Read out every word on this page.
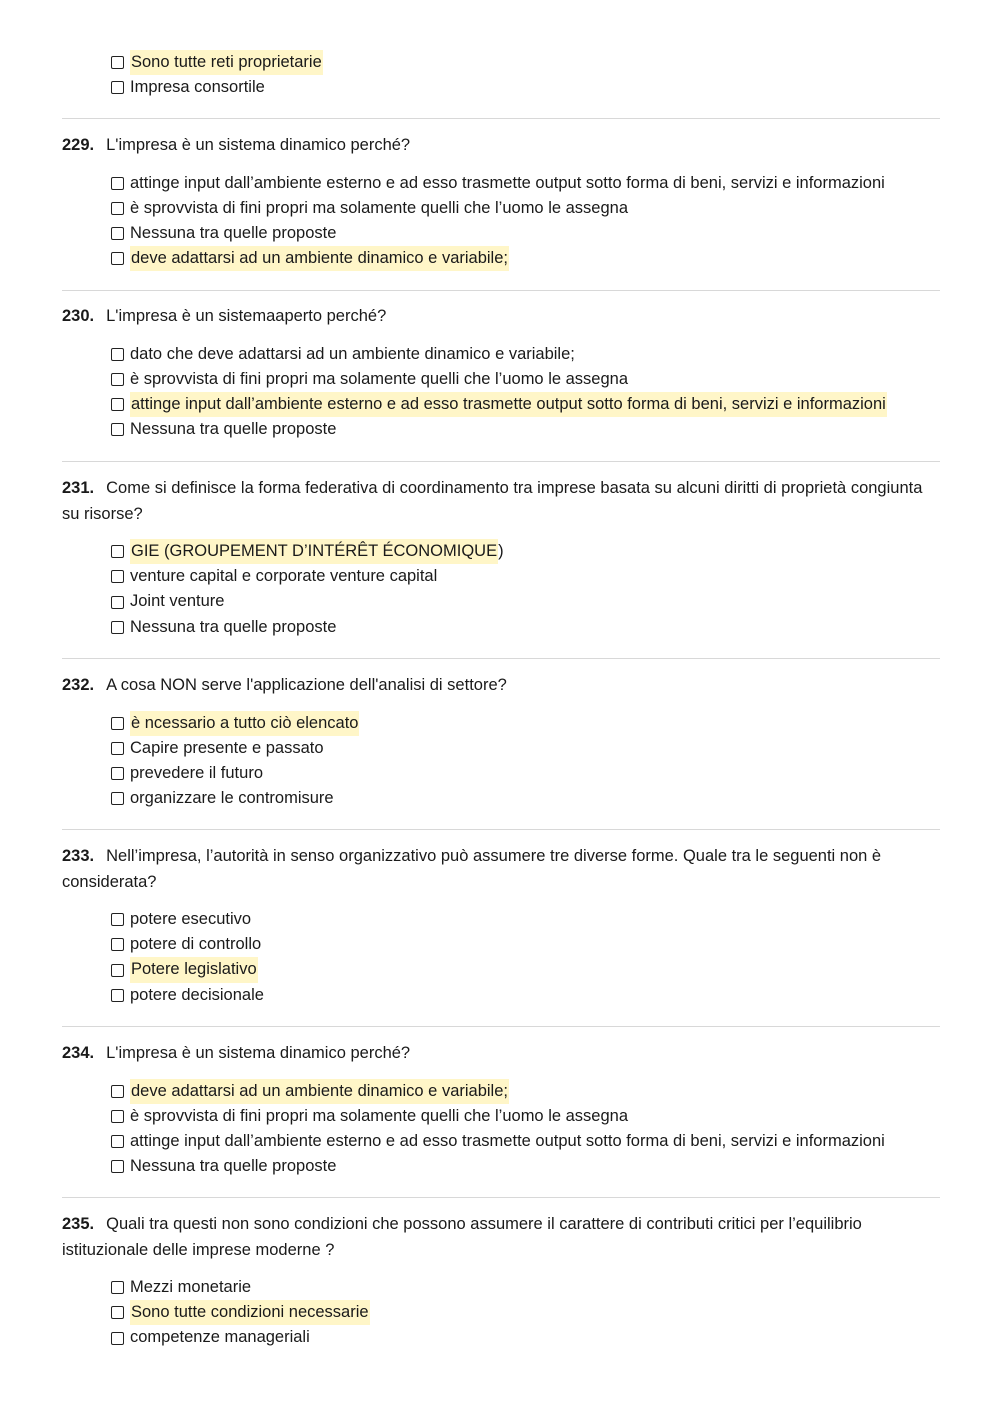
Sono tutte reti proprietarie
Impresa consortile

229. L'impresa è un sistema dinamico perché?

attinge input dall’ambiente esterno e ad esso trasmette output sotto forma di beni, servizi e informazioni
è sprovvista di fini propri ma solamente quelli che l’uomo le assegna
Nessuna tra quelle proposte
deve adattarsi ad un ambiente dinamico e variabile;

230. L'impresa è un sistemaaperto perché?

dato che deve adattarsi ad un ambiente dinamico e variabile;
è sprovvista di fini propri ma solamente quelli che l’uomo le assegna
attinge input dall’ambiente esterno e ad esso trasmette output sotto forma di beni, servizi e informazioni
Nessuna tra quelle proposte

231. Come si definisce la forma federativa di coordinamento tra imprese basata su alcuni diritti di proprietà congiunta su risorse?

GIE (GROUPEMENT D’INTÉRÊT ÉCONOMIQUE )
venture capital e corporate venture capital
Joint venture
Nessuna tra quelle proposte

232. A cosa NON serve l'applicazione dell'analisi di settore?

è ncessario a tutto ciò elencato
Capire presente e passato
prevedere il futuro
organizzare le contromisure

233. Nell’impresa, l’autorità in senso organizzativo può assumere tre diverse forme. Quale tra le seguenti non è considerata?

potere esecutivo
potere di controllo
Potere legislativo
potere decisionale

234. L'impresa è un sistema dinamico perché?

deve adattarsi ad un ambiente dinamico e variabile;
è sprovvista di fini propri ma solamente quelli che l’uomo le assegna
attinge input dall’ambiente esterno e ad esso trasmette output sotto forma di beni, servizi e informazioni
Nessuna tra quelle proposte

235. Quali tra questi non sono condizioni che possono assumere il carattere di contributi critici per l’equilibrio istituzionale delle imprese moderne ?

Mezzi monetarie
Sono tutte condizioni necessarie
competenze manageriali
